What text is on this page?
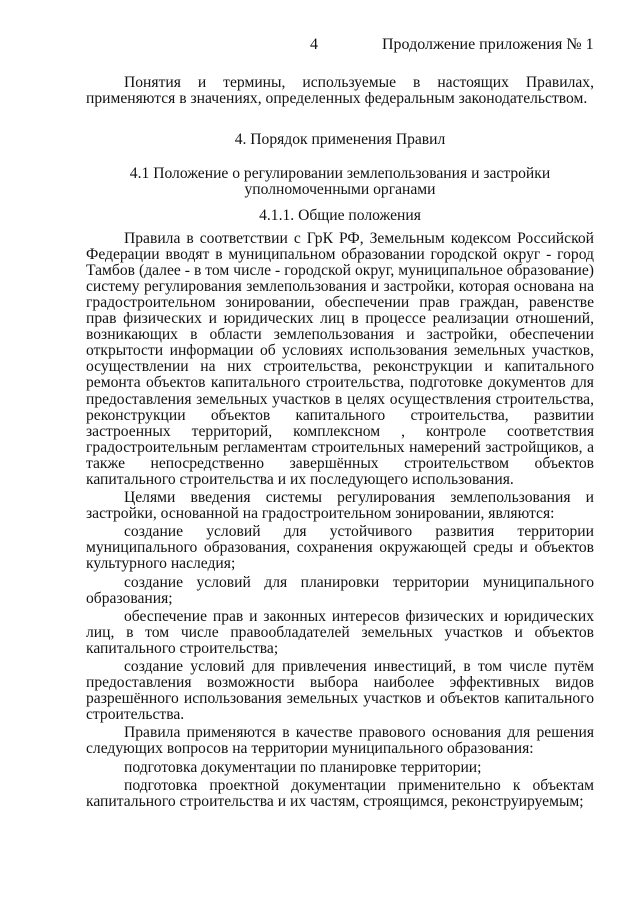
4	Продолжение приложения № 1

Понятия и термины, используемые в настоящих Правилах, применяются в значениях, определенных федеральным законодательством.

4. Порядок применения Правил

4.1 Положение о регулировании землепользования и застройки

уполномоченными органами

4.1.1. Общие положения

Правила в соответствии с ГрК РФ, Земельным кодексом Российской Федерации вводят в муниципальном образовании городской округ - город Тамбов (далее - в том числе - городской округ, муниципальное образование) систему регулирования землепользования и застройки, которая основана на градостроительном зонировании, обеспечении прав граждан, равенстве прав физических и юридических лиц в процессе реализации отношений, возникающих в области землепользования и застройки, обеспечении открытости информации об условиях использования земельных участков, осуществлении на них строительства, реконструкции и капитального ремонта объектов капитального строительства, подготовке документов для предоставления земельных участков в целях осуществления строительства, реконструкции объектов капитального строительства, развитии застроенных территорий, комплексном , контроле соответствия градостроительным регламентам строительных намерений застройщиков, а также непосредственно завершённых строительством объектов капитального строительства и их последующего использования.

Целями введения системы регулирования землепользования и застройки, основанной на градостроительном зонировании, являются:

создание условий для устойчивого развития территории муниципального образования, сохранения окружающей среды и объектов культурного наследия;

создание условий для планировки территории муниципального образования;

обеспечение прав и законных интересов физических и юридических лиц, в том числе правообладателей земельных участков и объектов капитального строительства;

создание условий для привлечения инвестиций, в том числе путём предоставления возможности выбора наиболее эффективных видов разрешённого использования земельных участков и объектов капитального строительства.

Правила применяются в качестве правового основания для решения следующих вопросов на территории муниципального образования:

подготовка документации по планировке территории;

подготовка проектной документации применительно к объектам капитального строительства и их частям, строящимся, реконструируемым;
